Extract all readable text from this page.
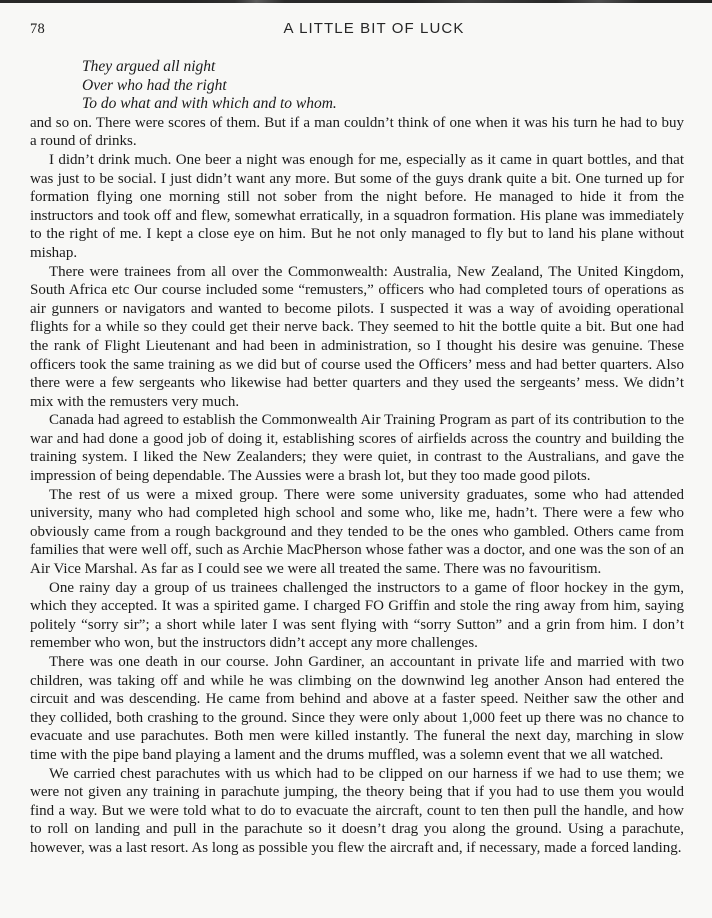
78	A LITTLE BIT OF LUCK
They argued all night
Over who had the right
To do what and with which and to whom.

and so on. There were scores of them. But if a man couldn’t think of one when it was his turn he had to buy a round of drinks.

I didn’t drink much. One beer a night was enough for me, especially as it came in quart bottles, and that was just to be social. I just didn’t want any more. But some of the guys drank quite a bit. One turned up for formation flying one morning still not sober from the night before. He managed to hide it from the instructors and took off and flew, somewhat erratically, in a squadron formation. His plane was immediately to the right of me. I kept a close eye on him. But he not only managed to fly but to land his plane without mishap.

There were trainees from all over the Commonwealth: Australia, New Zealand, The United Kingdom, South Africa etc Our course included some “remusters,” officers who had completed tours of operations as air gunners or navigators and wanted to become pilots. I suspected it was a way of avoiding operational flights for a while so they could get their nerve back. They seemed to hit the bottle quite a bit. But one had the rank of Flight Lieutenant and had been in administration, so I thought his desire was genuine. These officers took the same training as we did but of course used the Officers’ mess and had better quarters. Also there were a few sergeants who likewise had better quarters and they used the sergeants’ mess. We didn’t mix with the remusters very much.

Canada had agreed to establish the Commonwealth Air Training Program as part of its contribution to the war and had done a good job of doing it, establishing scores of airfields across the country and building the training system. I liked the New Zealanders; they were quiet, in contrast to the Australians, and gave the impression of being dependable. The Aussies were a brash lot, but they too made good pilots.

The rest of us were a mixed group. There were some university graduates, some who had attended university, many who had completed high school and some who, like me, hadn’t. There were a few who obviously came from a rough background and they tended to be the ones who gambled. Others came from families that were well off, such as Archie MacPherson whose father was a doctor, and one was the son of an Air Vice Marshal. As far as I could see we were all treated the same. There was no favouritism.

One rainy day a group of us trainees challenged the instructors to a game of floor hockey in the gym, which they accepted. It was a spirited game. I charged FO Griffin and stole the ring away from him, saying politely “sorry sir”; a short while later I was sent flying with “sorry Sutton” and a grin from him. I don’t remember who won, but the instructors didn’t accept any more challenges.

There was one death in our course. John Gardiner, an accountant in private life and married with two children, was taking off and while he was climbing on the downwind leg another Anson had entered the circuit and was descending. He came from behind and above at a faster speed. Neither saw the other and they collided, both crashing to the ground. Since they were only about 1,000 feet up there was no chance to evacuate and use parachutes. Both men were killed instantly. The funeral the next day, marching in slow time with the pipe band playing a lament and the drums muffled, was a solemn event that we all watched.

We carried chest parachutes with us which had to be clipped on our harness if we had to use them; we were not given any training in parachute jumping, the theory being that if you had to use them you would find a way. But we were told what to do to evacuate the aircraft, count to ten then pull the handle, and how to roll on landing and pull in the parachute so it doesn’t drag you along the ground. Using a parachute, however, was a last resort. As long as possible you flew the aircraft and, if necessary, made a forced landing.
